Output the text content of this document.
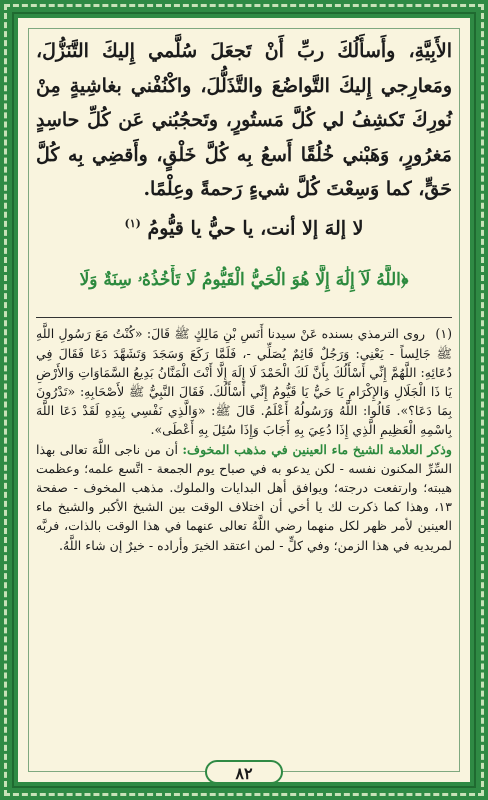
الأَبِيَّةِ، وأَسأَلُكَ ربِّ أَنْ تَجعَلَ سُلَّمي إِليكَ التَّنَزُّلَ، ومَعارِجي إِليكَ التَّواضُعَ والتَّذَلُّلَ، واكْنُفْني بغاشِيةٍ مِنْ نُورِكَ تَكشِفُ لي كُلَّ مَستُورٍ، وتَحجُبُني عَن كُلِّ حاسِدٍ مَغرُورٍ، وَهَبْني خُلُقًا أَسعُ بِه كُلَّ خَلْقٍ، وأَقضِي بِه كُلَّ حَقٍّ، كما وَسِعْتَ كُلَّ شيءٍ رَحمةً وعِلْمًا.

لا إلهَ إلا أنت، يا حيُّ يا قيُّومُ $^{(١)}$

﴿اللَّهُ لَآ إِلَٰهَ إِلَّا هُوَ الْحَيُّ الْقَيُّومُ لَا تَأْخُذُهُۥ سِنَةٌ وَلَا

(١) روى الترمذي بسنده عَنْ سيدنا أَنَسِ بْنِ مَالِكٍ ﷺ قَالَ: «كُنْتُ مَعَ رَسُولِ اللَّهِ ﷺ جَالِساً - يَعْنِي: وَرَجُلٌ قَائِمٌ يُصَلِّي -، فَلَمَّا رَكَعَ وَسَجَدَ وَتَشَهَّدَ دَعَا فَقَالَ فِي دُعَائِهِ: اللَّهُمَّ إِنِّي أَسْأَلُكَ بِأَنَّ لَكَ الْحَمْدَ لَا إِلَهَ إِلَّا أَنْتَ الْمَنَّانُ بَدِيعُ السَّمَاوَاتِ وَالأَرْضِ يَا ذَا الْجَلَالِ وَالإِكْرَامِ يَا حَيُّ يَا قَيُّومُ إِنِّي أَسْأَلُكَ. فَقَالَ النَّبِيُّ ﷺ لأَصْحَابِهِ: «تَدْرُونَ بِمَا دَعَا؟». قَالُوا: اللَّهُ وَرَسُولُهُ أَعْلَمُ. قَالَ ﷺ: «وَالَّذِي نَفْسِي بِيَدِهِ لَقَدْ دَعَا اللَّهَ بِاسْمِهِ الْعَظِيمِ الَّذِي إِذَا دُعِيَ بِهِ أَجَابَ وَإِذَا سُئِلَ بِهِ أَعْطَى».

وذكر العلامة الشيخ ماء العينين في مذهب المخوف: أن من ناجى اللَّهَ تعالى بهذا السِّرِّ المكنون نفسه - لكن يدعو به في صباح يوم الجمعة - اتَّسع علمه؛ وعظمت هيبته؛ وارتفعت درجته؛ ويوافق أهل البدايات والملوك. مذهب المخوف - صفحة ١٣، وهذا كما ذكرت لك يا أخي أن اختلاف الوقت بين الشيخ الأكبر والشيخ ماء العينين لأمر ظهر لكل منهما رضي اللَّهُ تعالى عنهما في هذا الوقت بالذات، فربَّه لمريديه في هذا الزمن؛ وفي كلٍّ - لمن اعتقد الخيرَ وأراده - خيرٌ إن شاء اللَّهُ.

٨٢
